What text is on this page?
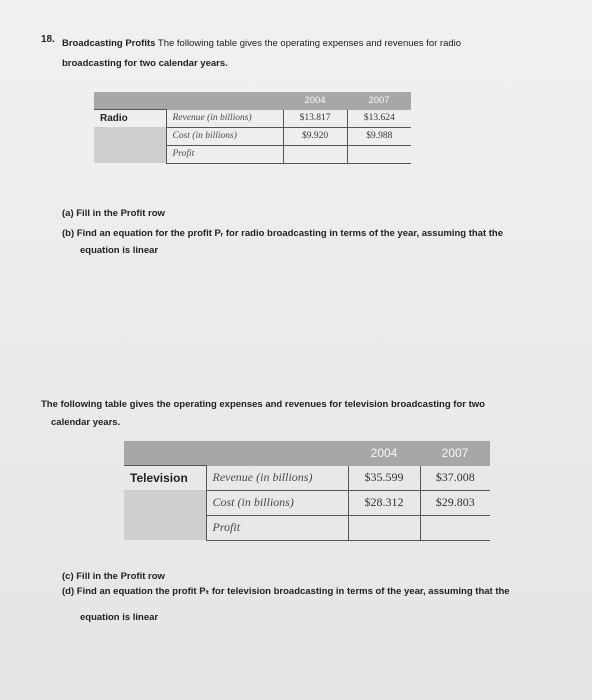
18. Broadcasting Profits The following table gives the operating expenses and revenues for radio
broadcasting for two calendar years.
		2004	2007
Radio	Revenue (in billions)	$13.817	$13.624
	Cost (in billions)	$9.920	$9.988
	Profit		
(a) Fill in the Profit row
(b) Find an equation for the profit Pᵣ for radio broadcasting in terms of the year, assuming that the
equation is linear
The following table gives the operating expenses and revenues for television broadcasting for two
calendar years.
		2004	2007
Television	Revenue (in billions)	$35.599	$37.008
	Cost (in billions)	$28.312	$29.803
	Profit		
(c) Fill in the Profit row
(d) Find an equation the profit Pₜ for television broadcasting in terms of the year, assuming that the
equation is linear
